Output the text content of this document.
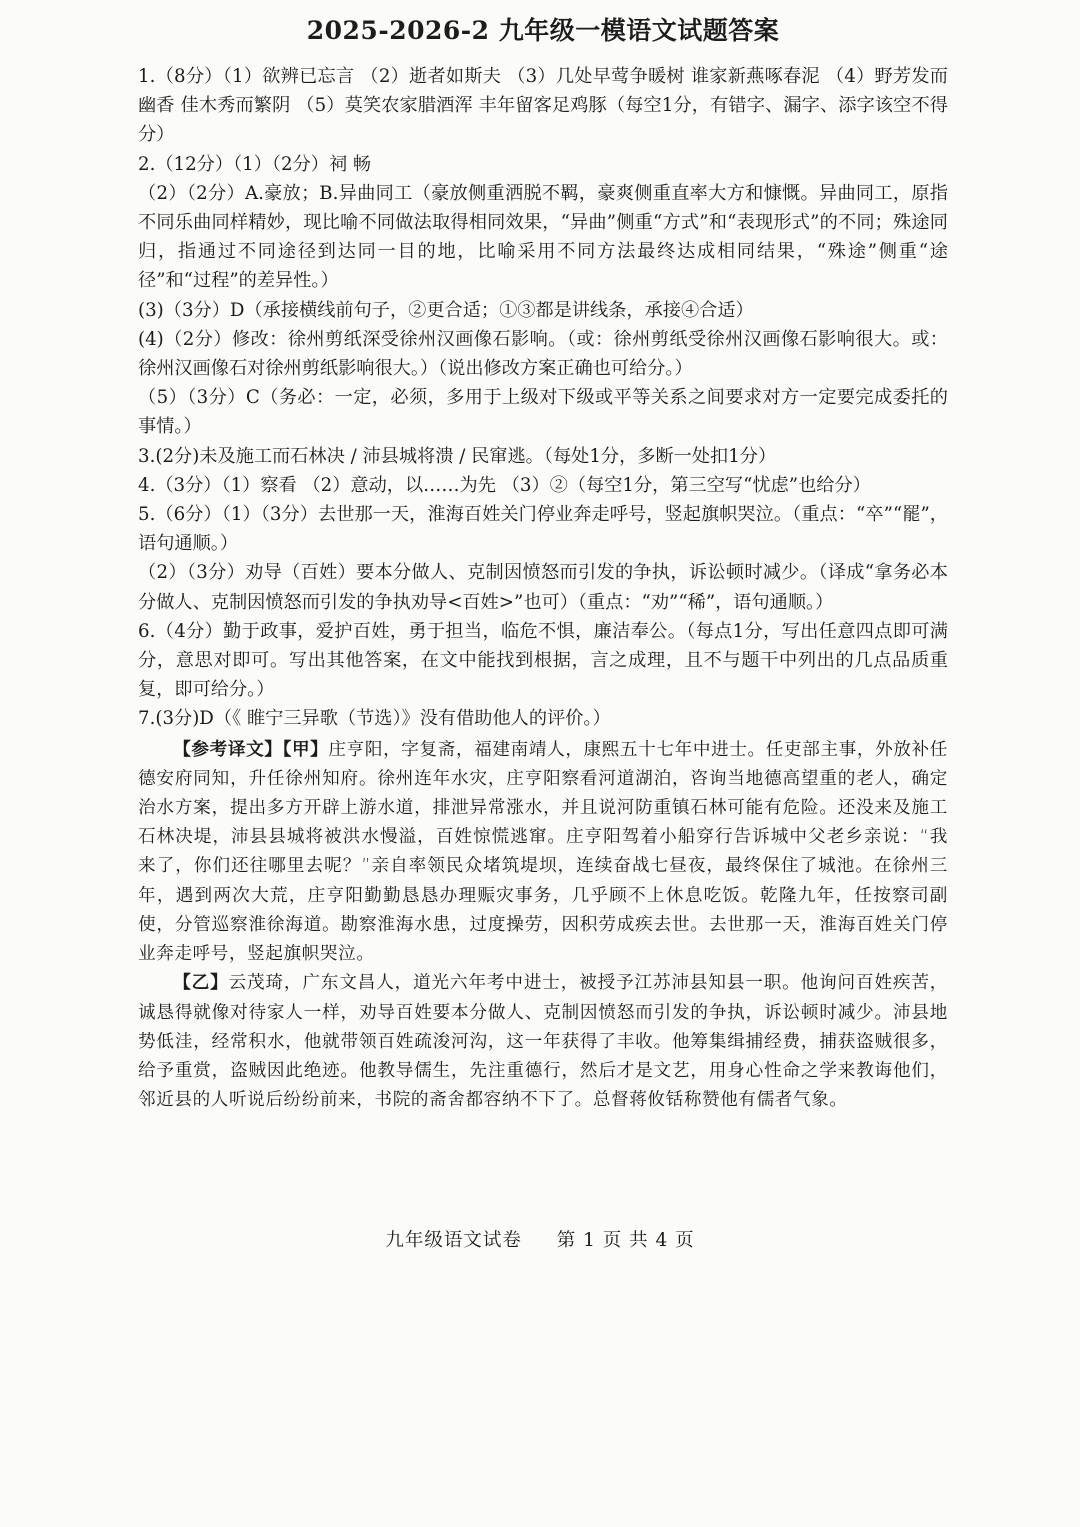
2025-2026-2 九年级一模语文试题答案

1.（8分）（1）欲辨已忘言 （2）逝者如斯夫 （3）几处早莺争暖树 谁家新燕啄春泥 （4）野芳发而幽香 佳木秀而繁阴 （5）莫笑农家腊酒浑 丰年留客足鸡豚（每空1分，有错字、漏字、添字该空不得分）

2.（12分）（1）（2分）祠 畅

（2）（2分）A.豪放；B.异曲同工（豪放侧重洒脱不羁，豪爽侧重直率大方和慷慨。异曲同工，原指不同乐曲同样精妙，现比喻不同做法取得相同效果，“异曲”侧重“方式”和“表现形式”的不同；殊途同归，指通过不同途径到达同一目的地，比喻采用不同方法最终达成相同结果，“殊途”侧重“途径”和“过程”的差异性。）

(3)（3分）D（承接横线前句子，②更合适；①③都是讲线条，承接④合适）

(4)（2分）修改：徐州剪纸深受徐州汉画像石影响。（或：徐州剪纸受徐州汉画像石影响很大。或：徐州汉画像石对徐州剪纸影响很大。）（说出修改方案正确也可给分。）

（5）（3分）C（务必：一定，必须，多用于上级对下级或平等关系之间要求对方一定要完成委托的事情。）

3.(2分)未及施工而石林决 / 沛县城将溃 / 民窜逃。（每处1分，多断一处扣1分）

4.（3分）（1）察看 （2）意动，以……为先 （3）②（每空1分，第三空写“忧虑”也给分）

5.（6分）（1）（3分）去世那一天，淮海百姓关门停业奔走呼号，竖起旗帜哭泣。（重点：“卒”“罷”，语句通顺。）

（2）（3分）劝导（百姓）要本分做人、克制因愤怒而引发的争执，诉讼顿时减少。（译成“拿务必本分做人、克制因愤怒而引发的争执劝导<百姓>”也可）（重点：“劝”“稀”，语句通顺。）

6.（4分）勤于政事，爱护百姓，勇于担当，临危不惧，廉洁奉公。（每点1分，写出任意四点即可满分，意思对即可。写出其他答案，在文中能找到根据，言之成理，且不与题干中列出的几点品质重复，即可给分。）

7.(3分)D（《 睢宁三异歌（节选）》没有借助他人的评价。）

【参考译文】【甲】庄亨阳，字复斋，福建南靖人，康熙五十七年中进士。任吏部主事，外放补任德安府同知，升任徐州知府。徐州连年水灾，庄亨阳察看河道湖泊，咨询当地德高望重的老人，确定治水方案，提出多方开辟上游水道，排泄异常涨水，并且说河防重镇石林可能有危险。还没来及施工石林决堤，沛县县城将被洪水慢溢，百姓惊慌逃窜。庄亨阳驾着小船穿行告诉城中父老乡亲说：“我来了，你们还往哪里去呢？”亲自率领民众堵筑堤坝，连续奋战七昼夜，最终保住了城池。在徐州三年，遇到两次大荒，庄亨阳勤勤恳恳办理赈灾事务，几乎顾不上休息吃饭。乾隆九年，任按察司副使，分管巡察淮徐海道。勘察淮海水患，过度操劳，因积劳成疾去世。去世那一天，淮海百姓关门停业奔走呼号，竖起旗帜哭泣。

【乙】云茂琦，广东文昌人，道光六年考中进士，被授予江苏沛县知县一职。他询问百姓疾苦，诚恳得就像对待家人一样，劝导百姓要本分做人、克制因愤怒而引发的争执，诉讼顿时减少。沛县地势低洼，经常积水，他就带领百姓疏浚河沟，这一年获得了丰收。他筹集缉捕经费，捕获盗贼很多，给予重赏，盗贼因此绝迹。他教导儒生，先注重德行，然后才是文艺，用身心性命之学来教诲他们，邻近县的人听说后纷纷前来，书院的斋舍都容纳不下了。总督蒋攸铦称赞他有儒者气象。

九年级语文试卷 第 1 页 共 4 页
